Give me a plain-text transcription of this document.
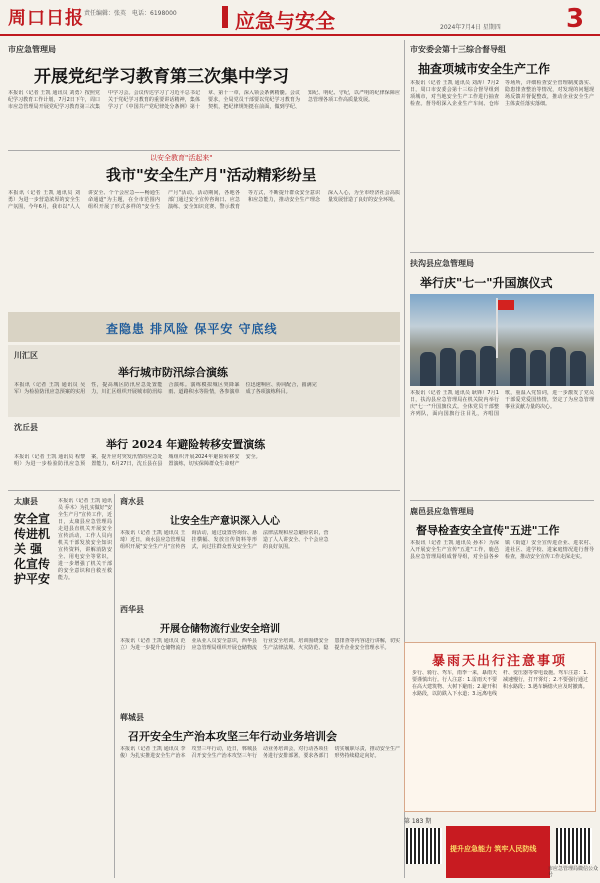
周口日报 责任编辑：张英　电话：6198000	应急与安全	2024年7月4日 星期四	3
市应急管理局
开展党纪学习教育第三次集中学习
本报讯（记者 王凯 通讯员 刘勇）按照党纪学习教育工作计划，7月2日下午，周口市应急管理局开展党纪学习教育第三次集中学习会。会议传达学习了习近平总书记关于党纪学习教育的重要讲话精神，集体学习了《中国共产党纪律处分条例》第十章、第十一章，深入领会条例精髓。会议要求，全局党员干部要以党纪学习教育为契机，把纪律规矩挺在前面，做到学纪、知纪、明纪、守纪，以严明的纪律保障应急管理各项工作高质量发展。
以安全教育"活起来"
我市"安全生产月"活动精彩纷呈
本报讯（记者 王凯 通讯员 刘勇）为进一步营造浓厚的安全生产氛围，今年6月，我市以"人人讲安全、个个会应急——畅通生命通道"为主题，在全市范围内组织开展了形式多样的"安全生产月"活动。活动期间，各地各部门通过安全宣传咨询日、应急演练、安全知识竞赛、警示教育等方式，不断提升群众安全意识和应急能力，推动安全生产理念深入人心，为全市经济社会高质量发展营造了良好的安全环境。
查隐患 排风险 保平安 守底线
川汇区
举行城市防汛综合演练
本报讯（记者 王凯 通讯员 吴军）为检验防汛应急预案的实用性，提高城区防汛应急处置能力，川汇区组织开展城市防汛综合演练。演练模拟城区突降暴雨、道路积水等险情，各参演单位迅速响应、协同配合，圆满完成了各项演练科目。
沈丘县
举行 2024 年避险转移安置演练
本报讯（记者 王凯 通讯员 程黎明）为进一步检验防汛应急预案，提升应对突发汛情的应急处置能力，6月27日，沈丘县在县城组织开展2024年避险转移安置演练，切实保障群众生命财产安全。
太康县
安全宣传进机关 强化宣传护平安
本报讯（记者 王凯 通讯员 乔木）为扎实做好"安全生产月"宣传工作，近日，太康县应急管理局走进县直机关开展安全宣传活动，工作人员向机关干部发放安全知识宣传资料，讲解消防安全、用电安全等常识，进一步增强了机关干部的安全意识和自救互救能力。
商水县
让安全生产意识深入人心
本报讯（记者 王凯 通讯员 王琦）近日，商水县应急管理局组织开展"安全生产月"宣传咨询活动，通过设置咨询台、悬挂横幅、发放宣传资料等形式，向过往群众普及安全生产法律法规和应急避险常识，营造了人人讲安全、个个会应急的良好氛围。
西华县
开展仓储物流行业安全培训
本报讯（记者 王凯 通讯员 范立）为进一步提升仓储物流行业从业人员安全意识，西华县应急管理局组织开展仓储物流行业安全培训。培训围绕安全生产法律法规、火灾防范、隐患排查等内容进行讲解，切实提升企业安全管理水平。
郸城县
召开安全生产治本攻坚三年行动业务培训会
本报讯（记者 王凯 通讯员 李俊）为扎实推进安全生产治本攻坚三年行动，近日，郸城县召开安全生产治本攻坚三年行动业务培训会，对行动各项任务进行安排部署，要求各部门切实履职尽责，推动安全生产形势持续稳定向好。
市安委会第十三综合督导组
抽查项城市安全生产工作
本报讯（记者 王凯 通讯员 刘涛）7月2日，周口市安委会第十三综合督导组到项城市，对当地安全生产工作进行抽查检查。督导组深入企业生产车间、仓库等场所，详细检查安全管理制度落实、隐患排查整治等情况，对发现的问题现场反馈并督促整改，推动企业安全生产主体责任落实落细。
扶沟县应急管理局
举行庆"七一"升国旗仪式
本报讯（记者 王凯 通讯员 耿锋）7月1日，扶沟县应急管理局在机关院内举行庆"七一"升国旗仪式。全体党员干部整齐列队，面向国旗行注目礼，齐唱国歌，重温入党誓词，进一步激发了党员干部爱党爱国热情，坚定了为应急管理事业贡献力量的决心。
鹿邑县应急管理局
督导检查安全宣传"五进"工作
本报讯（记者 王凯 通讯员 孙本）为深入开展安全生产宣传"五进"工作，鹿邑县应急管理局组成督导组，对全县各乡镇（街道）安全宣传进企业、进农村、进社区、进学校、进家庭情况进行督导检查，推动安全宣传工作走深走实。
暴雨天出行注意事项
步行、骑行、驾车，雨季一来，暴雨天要谨慎出行。行人注意：1.雷雨天不要在高大建筑物、大树下避雨；2.避开积水路段，以防跌入下水道；3.远离电线杆、变压器等带电设施。驾车注意：1.减速慢行，打开雾灯；2.不要强行通过积水路段；3.遇车辆熄火应及时撤离。
第 183 期
提升应急能力 筑牢人民防线
市应急管理局微信公众号
